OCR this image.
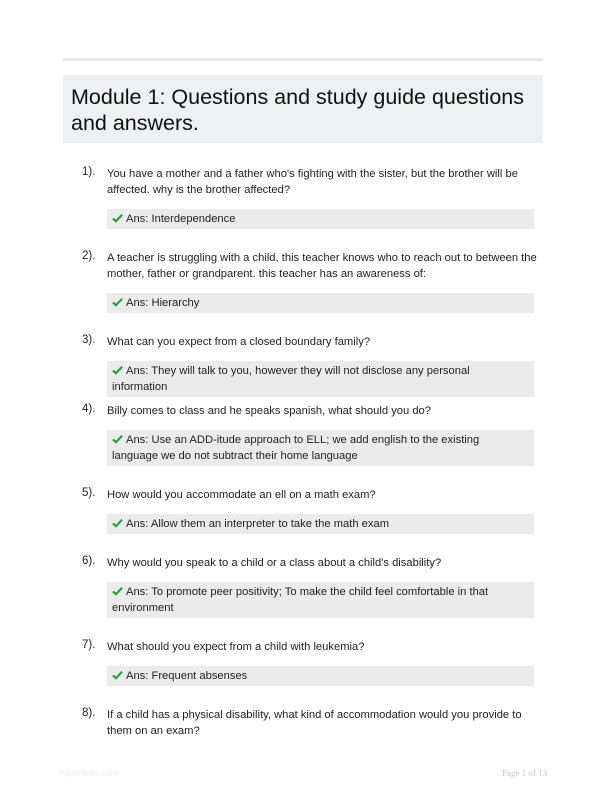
Module 1: Questions and study guide questions and answers.
1). You have a mother and a father who's fighting with the sister, but the brother will be affected. why is the brother affected?
Ans: Interdependence
2). A teacher is struggling with a child, this teacher knows who to reach out to between the mother, father or grandparent. this teacher has an awareness of:
Ans: Hierarchy
3). What can you expect from a closed boundary family?
Ans: They will talk to you, however they will not disclose any personal information
4). Billy comes to class and he speaks spanish, what should you do?
Ans: Use an ADD-itude approach to ELL; we add english to the existing language we do not subtract their home language
5). How would you accommodate an ell on a math exam?
Ans: Allow them an interpreter to take the math exam
6). Why would you speak to a child or a class about a child's disability?
Ans: To promote peer positivity; To make the child feel comfortable in that environment
7). What should you expect from a child with leukemia?
Ans: Frequent absenses
8). If a child has a physical disability, what kind of accommodation would you provide to them on an exam?
Paperfolio.com	Page 1 of 13
